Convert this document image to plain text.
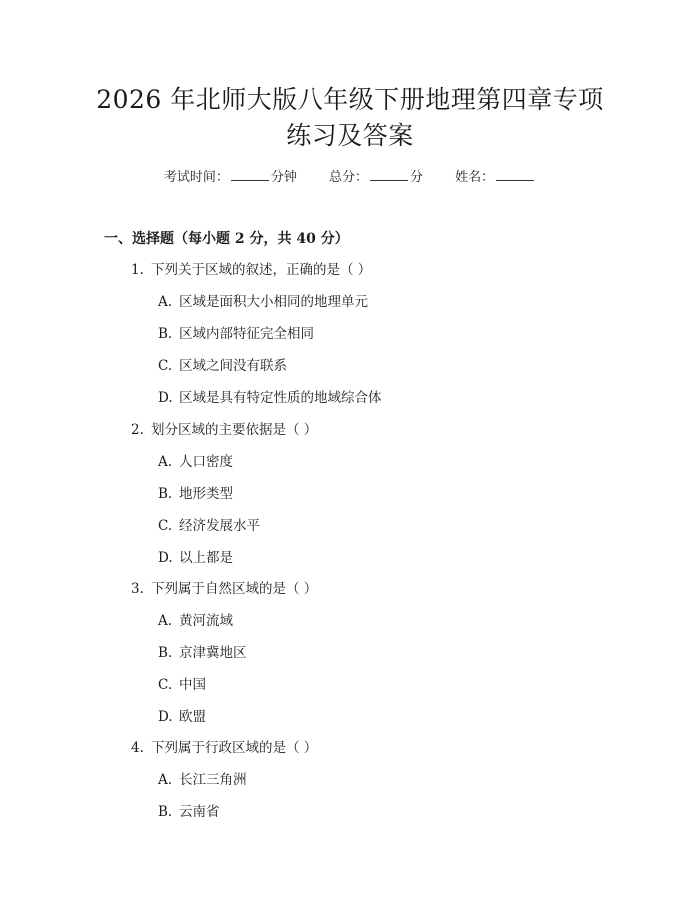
2026 年北师大版八年级下册地理第四章专项
练习及答案
考试时间：	分钟 总分：	分 姓名：
一、选择题（每小题 2 分，共 40 分）
1. 下列关于区域的叙述，正确的是（ ）
A. 区域是面积大小相同的地理单元
B. 区域内部特征完全相同
C. 区域之间没有联系
D. 区域是具有特定性质的地域综合体
2. 划分区域的主要依据是（ ）
A. 人口密度
B. 地形类型
C. 经济发展水平
D. 以上都是
3. 下列属于自然区域的是（ ）
A. 黄河流域
B. 京津冀地区
C. 中国
D. 欧盟
4. 下列属于行政区域的是（ ）
A. 长江三角洲
B. 云南省
